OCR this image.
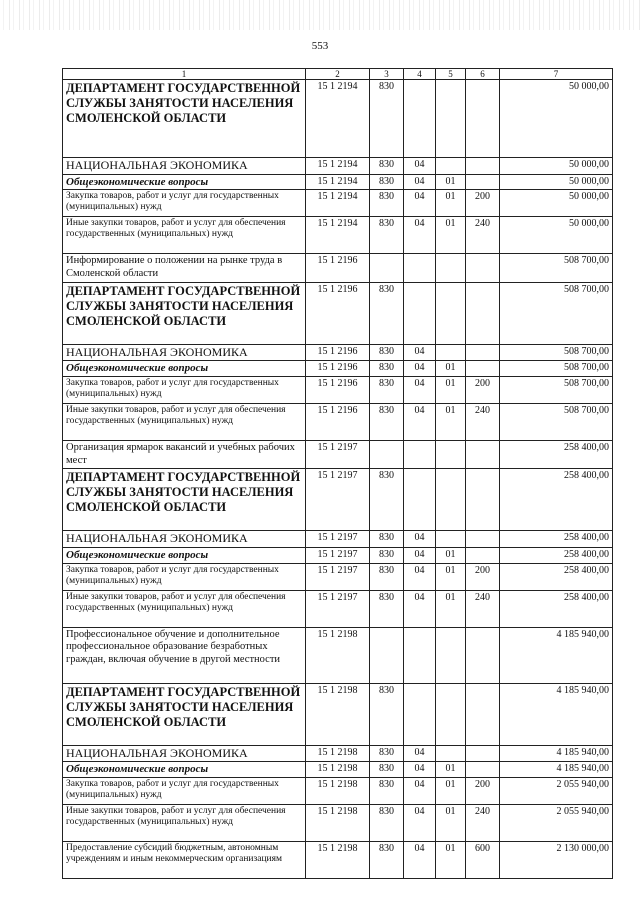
553
1	2	3	4	5	6	7
ДЕПАРТАМЕНТ ГОСУДАРСТВЕННОЙ СЛУЖБЫ ЗАНЯТОСТИ НАСЕЛЕНИЯ СМОЛЕНСКОЙ ОБЛАСТИ	15 1 2194	830				50 000,00
НАЦИОНАЛЬНАЯ ЭКОНОМИКА	15 1 2194	830	04			50 000,00
Общеэкономические вопросы	15 1 2194	830	04	01		50 000,00
Закупка товаров, работ и услуг для государственных (муниципальных) нужд	15 1 2194	830	04	01	200	50 000,00
Иные закупки товаров, работ и услуг для обеспечения государственных (муниципальных) нужд	15 1 2194	830	04	01	240	50 000,00
Информирование о положении на рынке труда в Смоленской области	15 1 2196					508 700,00
ДЕПАРТАМЕНТ ГОСУДАРСТВЕННОЙ СЛУЖБЫ ЗАНЯТОСТИ НАСЕЛЕНИЯ СМОЛЕНСКОЙ ОБЛАСТИ	15 1 2196	830				508 700,00
НАЦИОНАЛЬНАЯ ЭКОНОМИКА	15 1 2196	830	04			508 700,00
Общеэкономические вопросы	15 1 2196	830	04	01		508 700,00
Закупка товаров, работ и услуг для государственных (муниципальных) нужд	15 1 2196	830	04	01	200	508 700,00
Иные закупки товаров, работ и услуг для обеспечения государственных (муниципальных) нужд	15 1 2196	830	04	01	240	508 700,00
Организация ярмарок вакансий и учебных рабочих мест	15 1 2197					258 400,00
ДЕПАРТАМЕНТ ГОСУДАРСТВЕННОЙ СЛУЖБЫ ЗАНЯТОСТИ НАСЕЛЕНИЯ СМОЛЕНСКОЙ ОБЛАСТИ	15 1 2197	830				258 400,00
НАЦИОНАЛЬНАЯ ЭКОНОМИКА	15 1 2197	830	04			258 400,00
Общеэкономические вопросы	15 1 2197	830	04	01		258 400,00
Закупка товаров, работ и услуг для государственных (муниципальных) нужд	15 1 2197	830	04	01	200	258 400,00
Иные закупки товаров, работ и услуг для обеспечения государственных (муниципальных) нужд	15 1 2197	830	04	01	240	258 400,00
Профессиональное обучение и дополнительное профессиональное образование безработных граждан, включая обучение в другой местности	15 1 2198					4 185 940,00
ДЕПАРТАМЕНТ ГОСУДАРСТВЕННОЙ СЛУЖБЫ ЗАНЯТОСТИ НАСЕЛЕНИЯ СМОЛЕНСКОЙ ОБЛАСТИ	15 1 2198	830				4 185 940,00
НАЦИОНАЛЬНАЯ ЭКОНОМИКА	15 1 2198	830	04			4 185 940,00
Общеэкономические вопросы	15 1 2198	830	04	01		4 185 940,00
Закупка товаров, работ и услуг для государственных (муниципальных) нужд	15 1 2198	830	04	01	200	2 055 940,00
Иные закупки товаров, работ и услуг для обеспечения государственных (муниципальных) нужд	15 1 2198	830	04	01	240	2 055 940,00
Предоставление субсидий бюджетным, автономным учреждениям и иным некоммерческим организациям	15 1 2198	830	04	01	600	2 130 000,00
